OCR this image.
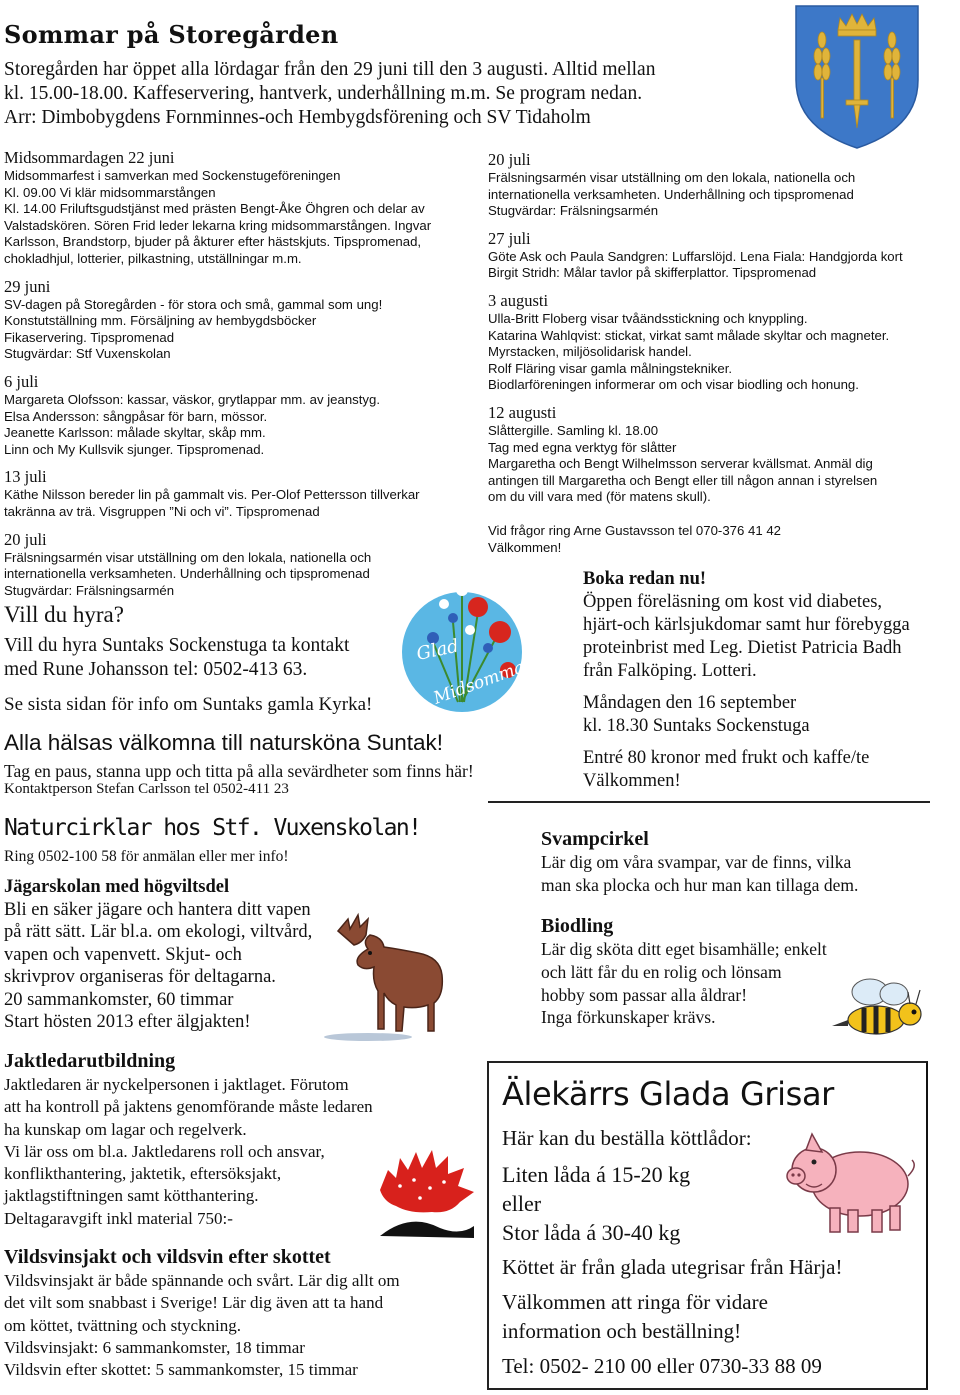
Sommar på Storegården
Storegården har öppet alla lördagar från den 29 juni till den 3 augusti. Alltid mellan
kl. 15.00-18.00. Kaffeservering, hantverk, underhållning m.m. Se program nedan.
Arr: Dimbobygdens Fornminnes-och Hembygdsförening och SV Tidaholm
Midsommardagen 22 juni
Midsommarfest i samverkan med Sockenstugeföreningen
Kl. 09.00 Vi klär midsommarstången
Kl. 14.00 Friluftsgudstjänst med prästen Bengt-Åke Öhgren och delar av
Valstadskören. Sören Frid leder lekarna kring midsommarstången. Ingvar
Karlsson, Brandstorp, bjuder på åkturer efter hästskjuts. Tipspromenad,
chokladhjul, lotterier, pilkastning, utställningar m.m.
29 juni
SV-dagen på Storegården - för stora och små, gammal som ung!
Konstutställning mm. Försäljning av hembygdsböcker
Fikaservering. Tipspromenad
Stugvärdar: Stf Vuxenskolan
6 juli
Margareta Olofsson: kassar, väskor, grytlappar mm. av jeanstyg.
Elsa Andersson: sångpåsar för barn, mössor.
Jeanette Karlsson: målade skyltar, skåp mm.
Linn och My Kullsvik sjunger. Tipspromenad.
13 juli
Käthe Nilsson bereder lin på gammalt vis. Per-Olof Pettersson tillverkar
takränna av trä. Visgruppen ”Ni och vi”. Tipspromenad
20 juli
Frälsningsarmén visar utställning om den lokala, nationella och
internationella verksamheten. Underhållning och tipspromenad
Stugvärdar: Frälsningsarmén
20 juli
Frälsningsarmén visar utställning om den lokala, nationella och
internationella verksamheten. Underhållning och tipspromenad
Stugvärdar: Frälsningsarmén
27 juli
Göte Ask och Paula Sandgren: Luffarslöjd. Lena Fiala: Handgjorda kort
Birgit Stridh: Målar tavlor på skifferplattor. Tipspromenad
3 augusti
Ulla-Britt Floberg visar tvåändsstickning och knyppling.
Katarina Wahlqvist: stickat, virkat samt målade skyltar och magneter.
Myrstacken, miljösolidarisk handel.
Rolf Fläring visar gamla målningstekniker.
Biodlarföreningen informerar om och visar biodling och honung.
12 augusti
Slåttergille. Samling kl. 18.00
Tag med egna verktyg för slåtter
Margaretha och Bengt Wilhelmsson serverar kvällsmat. Anmäl dig
antingen till Margaretha och Bengt eller till någon annan i styrelsen
om du vill vara med (för matens skull).
Vid frågor ring Arne Gustavsson tel 070-376 41 42
Välkommen!
Glad
Midsommar
Vill du hyra?
Vill du hyra Suntaks Sockenstuga ta kontakt
med Rune Johansson tel: 0502-413 63.
Se sista sidan för info om Suntaks gamla Kyrka!
Alla hälsas välkomna till natursköna Suntak!
Tag en paus, stanna upp och titta på alla sevärdheter som finns här!
Kontaktperson Stefan Carlsson tel 0502-411 23
Boka redan nu!
Öppen föreläsning om kost vid diabetes,
hjärt-och kärlsjukdomar samt hur förebygga
proteinbrist med Leg. Dietist Patricia Badh
från Falköping. Lotteri.
Måndagen den 16 september
kl. 18.30 Suntaks Sockenstuga
Entré 80 kronor med frukt och kaffe/te
Välkommen!
Naturcirklar hos Stf. Vuxenskolan!
Ring 0502-100 58 för anmälan eller mer info!
Jägarskolan med högviltsdel
Bli en säker jägare och hantera ditt vapen
på rätt sätt. Lär bl.a. om ekologi, viltvård,
vapen och vapenvett. Skjut- och
skrivprov organiseras för deltagarna.
20 sammankomster, 60 timmar
Start hösten 2013 efter älgjakten!
Jaktledarutbildning
Jaktledaren är nyckelpersonen i jaktlaget. Förutom
att ha kontroll på jaktens genomförande måste ledaren
ha kunskap om lagar och regelverk.
Vi lär oss om bl.a. Jaktledarens roll och ansvar,
konflikthantering, jaktetik, eftersöksjakt,
jaktlagstiftningen samt kötthantering.
Deltagaravgift inkl material 750:-
Vildsvinsjakt och vildsvin efter skottet
Vildsvinsjakt är både spännande och svårt. Lär dig allt om
det vilt som snabbast i Sverige! Lär dig även att ta hand
om köttet, tvättning och styckning.
Vildsvinsjakt: 6 sammankomster, 18 timmar
Vildsvin efter skottet: 5 sammankomster, 15 timmar
Svampcirkel
Lär dig om våra svampar, var de finns, vilka
man ska plocka och hur man kan tillaga dem.
Biodling
Lär dig sköta ditt eget bisamhälle; enkelt
och lätt får du en rolig och lönsam
hobby som passar alla åldrar!
Inga förkunskaper krävs.
Älekärrs Glada Grisar
Här kan du beställa köttlådor:
Liten låda á 15-20 kg
eller
Stor låda á 30-40 kg
Köttet är från glada utegrisar från Härja!
Välkommen att ringa för vidare
information och beställning!
Tel: 0502- 210 00 eller 0730-33 88 09
